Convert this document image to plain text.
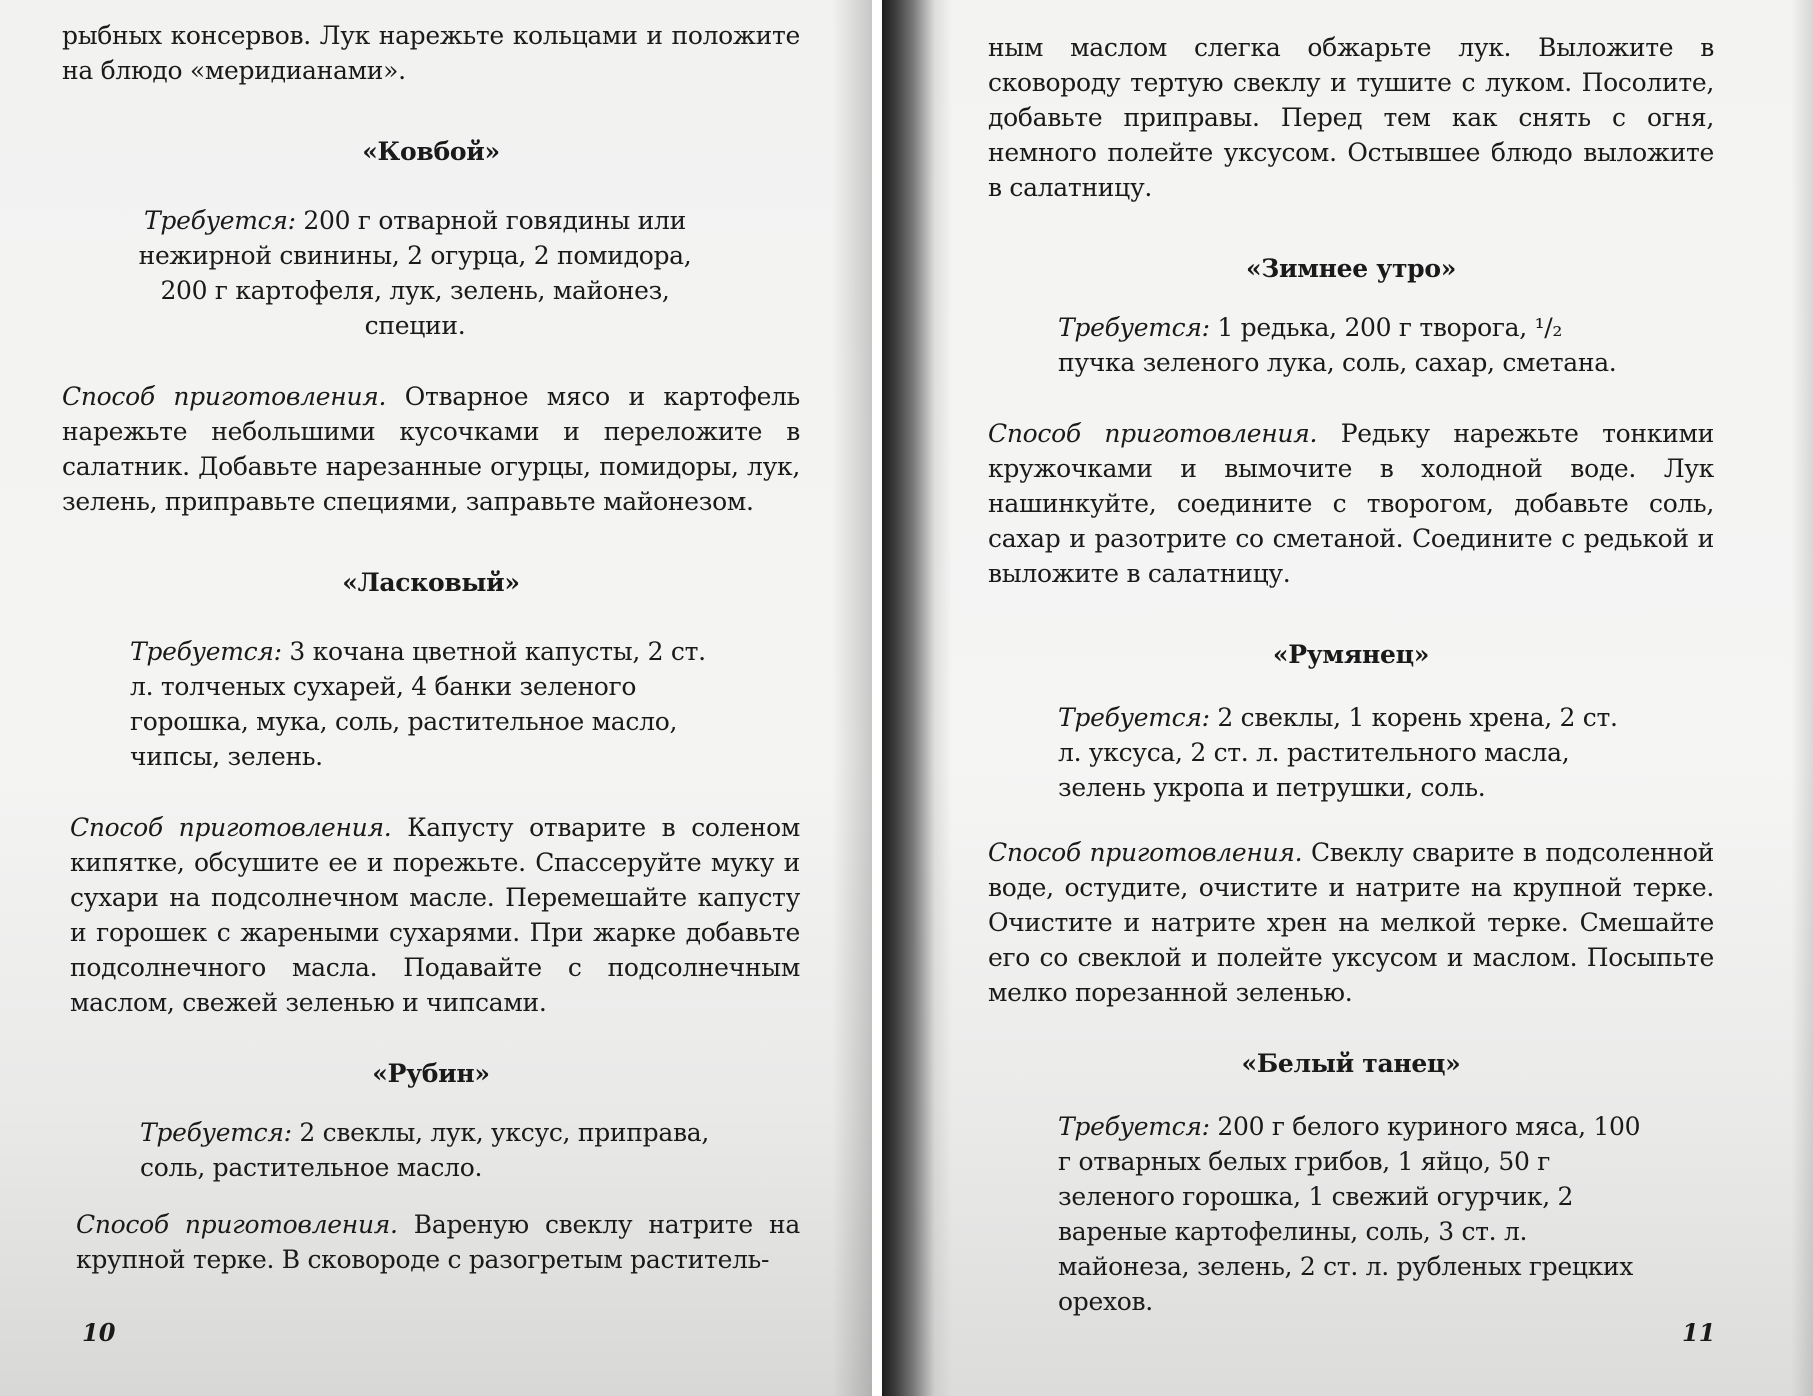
рыбных консервов. Лук нарежьте кольцами и положите на блюдо «меридианами».

«Ковбой»

Требуется: 200 г отварной говядины или нежирной свинины, 2 огурца, 2 помидора, 200 г картофеля, лук, зелень, майонез, специи.

Способ приготовления. Отварное мясо и картофель нарежьте небольшими кусочками и переложите в салатник. Добавьте нарезанные огурцы, помидоры, лук, зелень, приправьте специями, заправьте майонезом.

«Ласковый»

Требуется: 3 кочана цветной капусты, 2 ст. л. толченых сухарей, 4 банки зеленого горошка, мука, соль, растительное масло, чипсы, зелень.

Способ приготовления. Капусту отварите в соленом кипятке, обсушите ее и порежьте. Спассеруйте муку и сухари на подсолнечном масле. Перемешайте капусту и горошек с жареными сухарями. При жарке добавьте подсолнечного масла. Подавайте с подсолнечным маслом, свежей зеленью и чипсами.

«Рубин»

Требуется: 2 свеклы, лук, уксус, приправа, соль, растительное масло.

Способ приготовления. Вареную свеклу натрите на крупной терке. В сковороде с разогретым раститель-

10

ным маслом слегка обжарьте лук. Выложите в сковороду тертую свеклу и тушите с луком. Посолите, добавьте приправы. Перед тем как снять с огня, немного полейте уксусом. Остывшее блюдо выложите в салатницу.

«Зимнее утро»

Требуется: 1 редька, 200 г творога, ¹/₂ пучка зеленого лука, соль, сахар, сметана.

Способ приготовления. Редьку нарежьте тонкими кружочками и вымочите в холодной воде. Лук нашинкуйте, соедините с творогом, добавьте соль, сахар и разотрите со сметаной. Соедините с редькой и выложите в салатницу.

«Румянец»

Требуется: 2 свеклы, 1 корень хрена, 2 ст. л. уксуса, 2 ст. л. растительного масла, зелень укропа и петрушки, соль.

Способ приготовления. Свеклу сварите в подсоленной воде, остудите, очистите и натрите на крупной терке. Очистите и натрите хрен на мелкой терке. Смешайте его со свеклой и полейте уксусом и маслом. Посыпьте мелко порезанной зеленью.

«Белый танец»

Требуется: 200 г белого куриного мяса, 100 г отварных белых грибов, 1 яйцо, 50 г зеленого горошка, 1 свежий огурчик, 2 вареные картофелины, соль, 3 ст. л. майонеза, зелень, 2 ст. л. рубленых грецких орехов.

11
